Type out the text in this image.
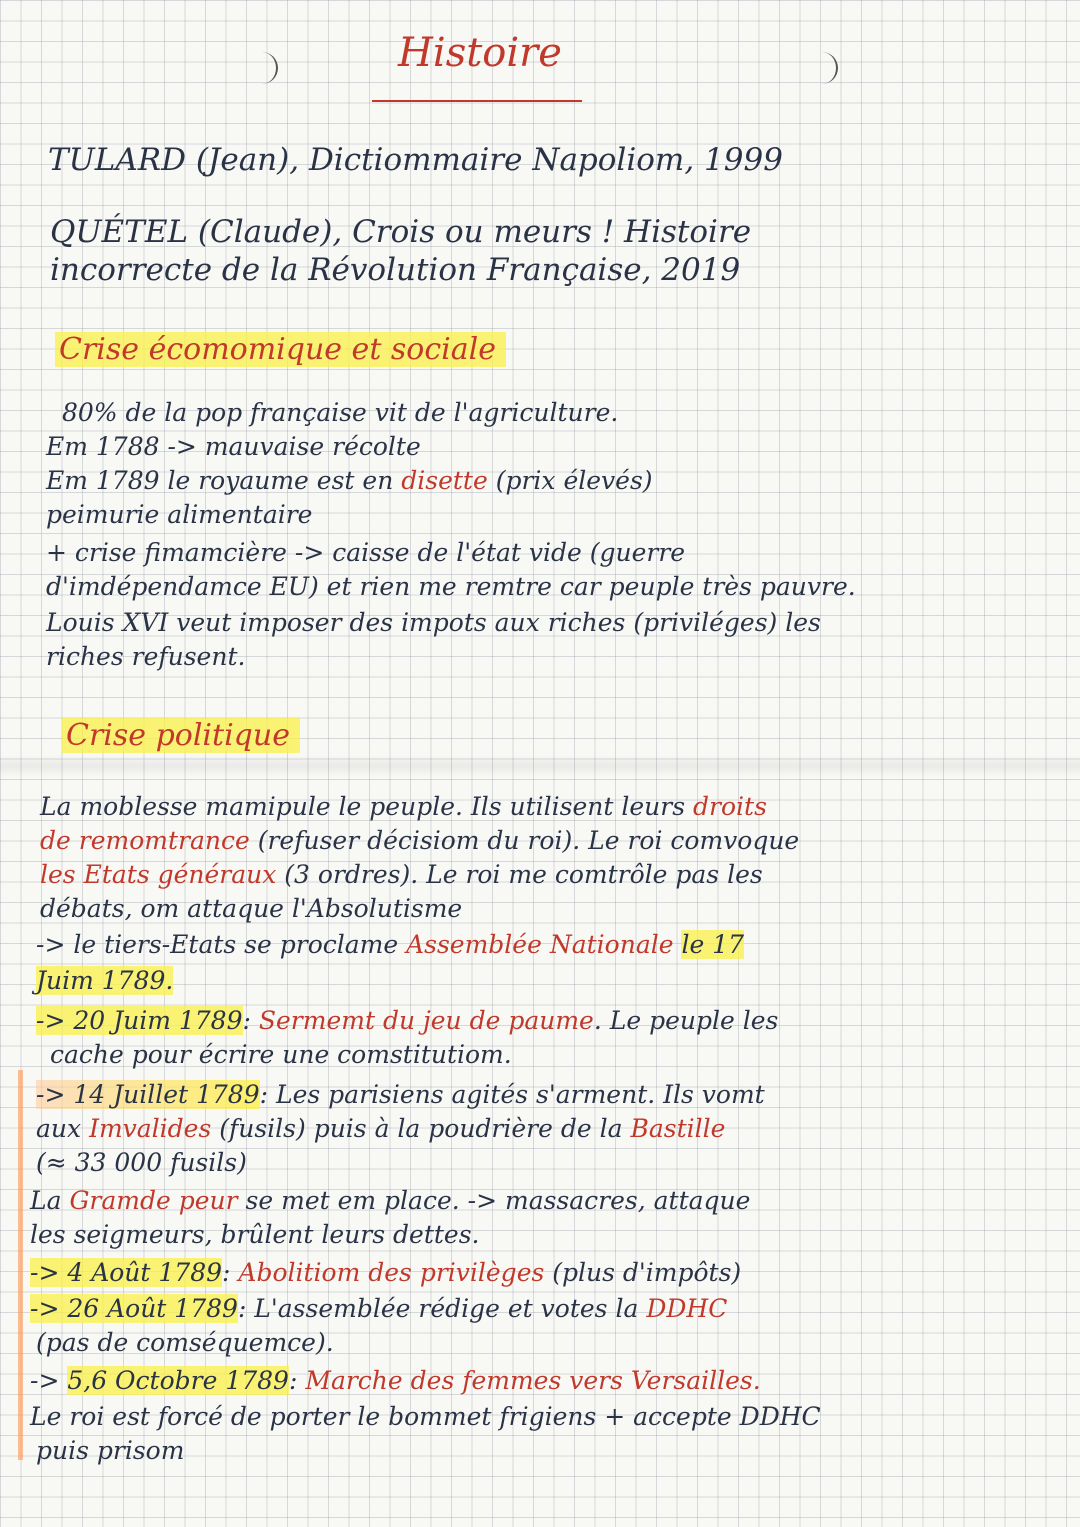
Histoire
TULARD (Jean), Dictiommaire Napoliom, 1999
QUÉTEL (Claude), Crois ou meurs ! Histoire
incorrecte de la Révolution Française, 2019
Crise écomomique et sociale
80% de la pop française vit de l'agriculture.
Em 1788 -> mauvaise récolte
Em 1789 le royaume est en disette (prix élevés)
peimurie alimentaire
+ crise fimamcière -> caisse de l'état vide (guerre
d'imdépendamce EU) et rien me remtre car peuple très pauvre.
Louis XVI veut imposer des impots aux riches (priviléges) les
riches refusent.
Crise politique
La moblesse mamipule le peuple. Ils utilisent leurs droits
de remomtrance (refuser décisiom du roi). Le roi comvoque
les Etats généraux (3 ordres). Le roi me comtrôle pas les
débats, om attaque l'Absolutisme
-> le tiers-Etats se proclame Assemblée Nationale le 17
Juim 1789.
-> 20 Juim 1789: Sermemt du jeu de paume. Le peuple les
cache pour écrire une comstitutiom.
-> 14 Juillet 1789: Les parisiens agités s'arment. Ils vomt
aux Imvalides (fusils) puis à la poudrière de la Bastille
(≈ 33 000 fusils)
La Gramde peur se met em place. -> massacres, attaque
les seigmeurs, brûlent leurs dettes.
-> 4 Août 1789: Abolitiom des privilèges (plus d'impôts)
-> 26 Août 1789: L'assemblée rédige et votes la DDHC
(pas de comséquemce).
-> 5,6 Octobre 1789: Marche des femmes vers Versailles.
Le roi est forcé de porter le bommet frigiens + accepte DDHC
puis prisom
